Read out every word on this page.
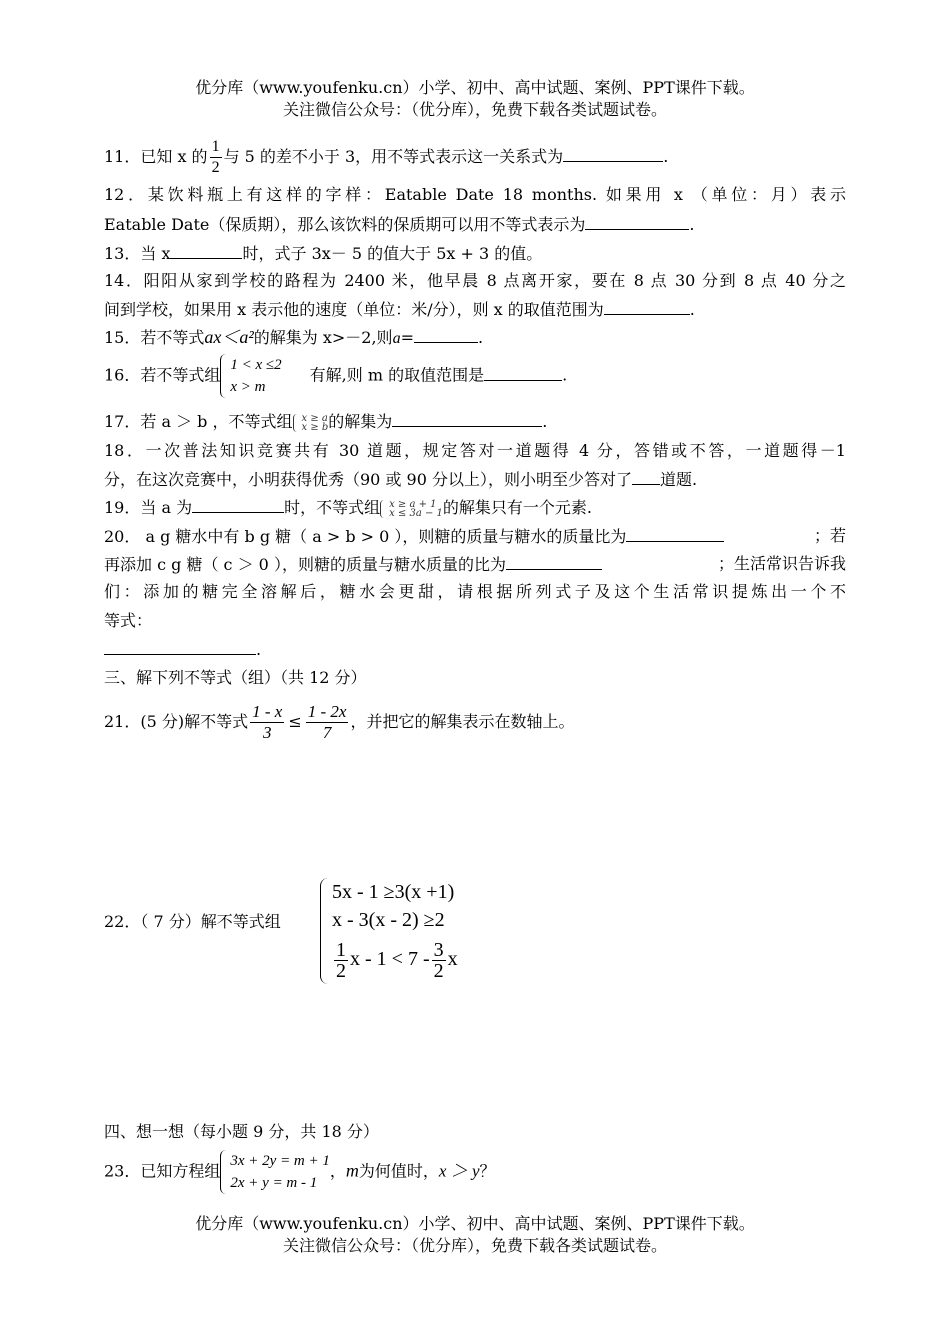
优分库（www.youfenku.cn）小学、初中、高中试题、案例、PPT课件下载。
关注微信公众号：（优分库），免费下载各类试题试卷。
11．已知 x 的 $\frac{1}{2}$ 与 5 的差不小于 3，用不等式表示这一关系式为	.
12．某饮料瓶上有这样的字样：Eatable Date 18 months. 如果用 x （单位：月）表示
Eatable Date（保质期），那么该饮料的保质期可以用不等式表示为	.
13．当 x	时，式子 3x－ 5 的值大于 5x + 3 的值。
14．阳阳从家到学校的路程为 2400 米，他早晨 8 点离开家，要在 8 点 30 分到 8 点 40 分之
间到学校，如果用 x 表示他的速度（单位：米/分），则 x 的取值范围为	.
15．若不等式ax＜a²的解集为 x>－2,则a=	.
16．若不等式组
1 < x ≤2
x > m
有解,则 m 的取值范围是	.
17．若 a ＞ b ，不等式组 x ≥ a
x ≥ b 的解集为	.
18．一次普法知识竞赛共有 30 道题，规定答对一道题得 4 分，答错或不答，一道题得－1
分，在这次竞赛中，小明获得优秀（90 或 90 分以上），则小明至少答对了 道题.
19．当 a 为	时，不等式组 x ≥ a + 1
x ≤ 3a − 1 的解集只有一个元素.
20． a g 糖水中有 b g 糖（ a > b > 0 ），则糖的质量与糖水的质量比为	；若
再添加 c g 糖（ c ＞ 0 ），则糖的质量与糖水质量的比为	；生活常识告诉我
们：添加的糖完全溶解后，糖水会更甜，请根据所列式子及这个生活常识提炼出一个不
等式：
.
三、解下列不等式（组）（共 12 分）
21．(5 分)解不等式 $\frac{1 - x}{3} \le \frac{1 - 2x}{7}$ ，并把它的解集表示在数轴上。
22．（ 7 分）解不等式组
5x - 1 ≥3(x +1)
x - 3(x - 2) ≥2
$\frac{1}{2}$ $x - 1 < 7 - \frac{3}{2}$ x
四、想一想（每小题 9 分，共 18 分）
23．已知方程组
3x + 2y = m + 1
2x + y = m - 1
，m为何值时，x ＞ y？
优分库（www.youfenku.cn）小学、初中、高中试题、案例、PPT课件下载。
关注微信公众号：（优分库），免费下载各类试题试卷。
